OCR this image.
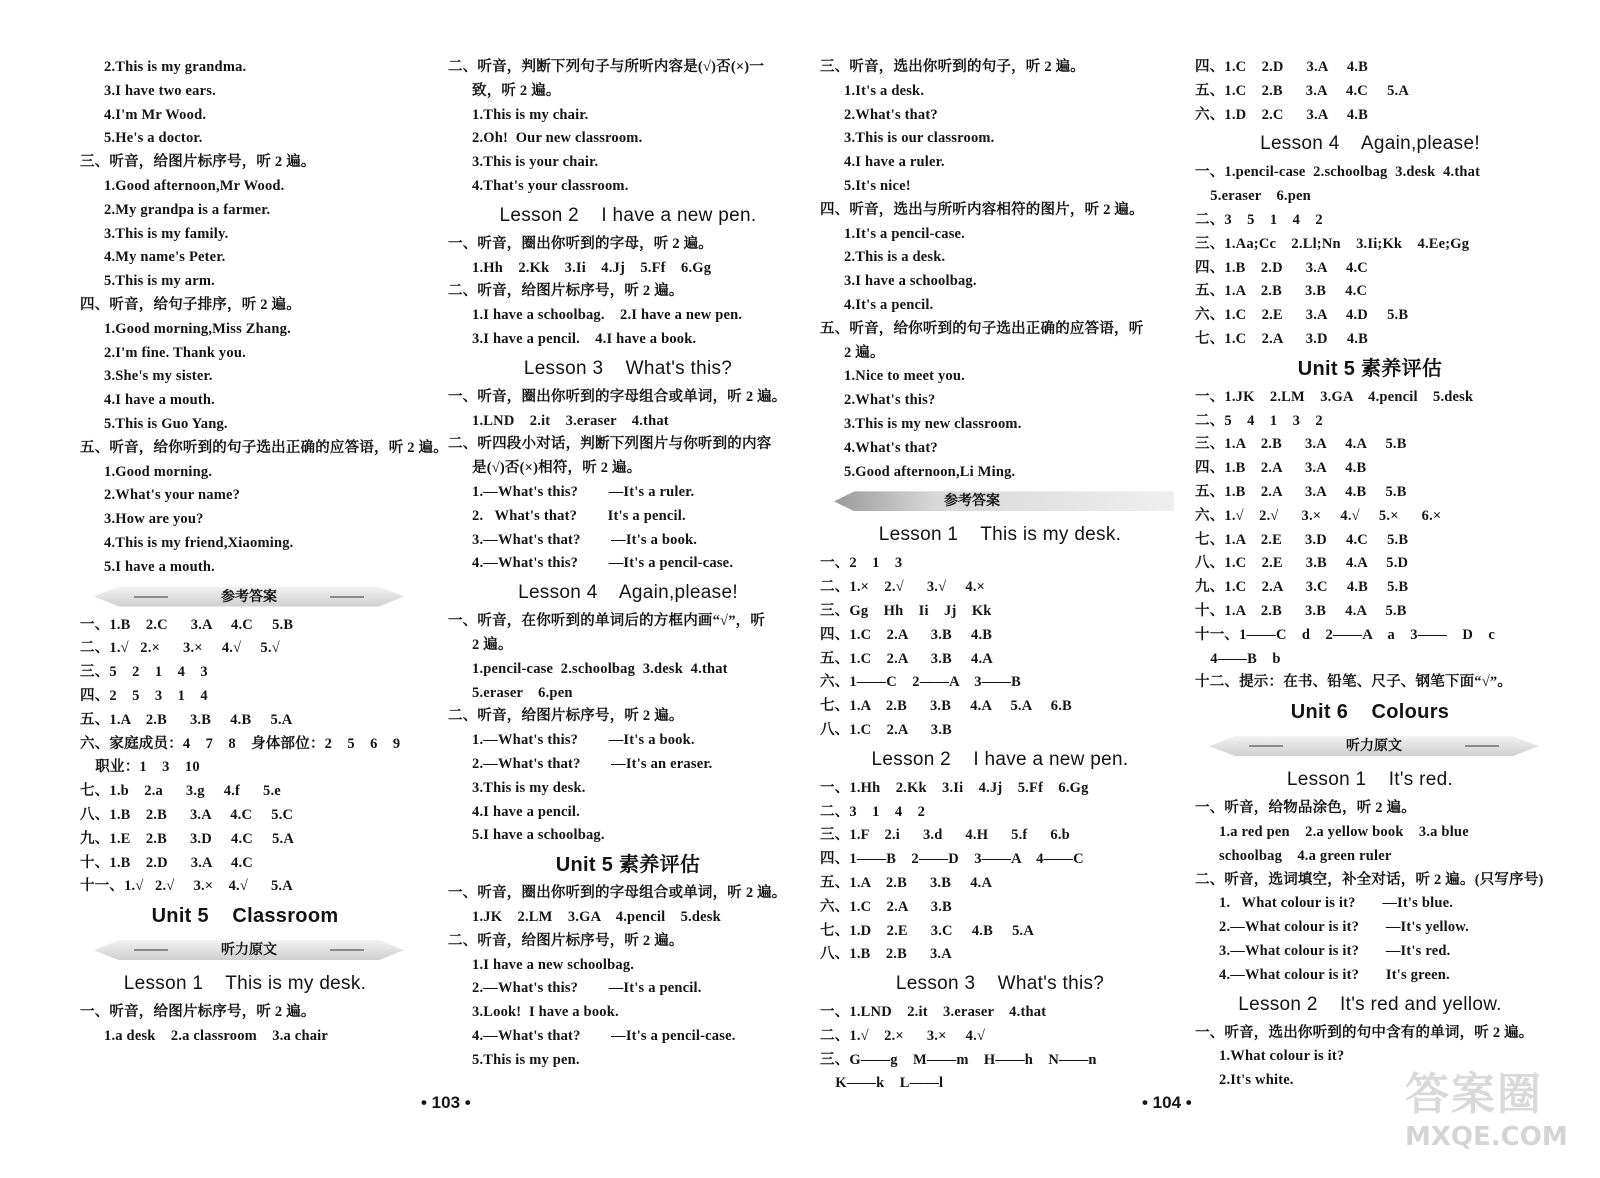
2.This is my grandma.
3.I have two ears.
4.I'm Mr Wood.
5.He's a doctor.
三、听音，给图片标序号，听 2 遍。
1.Good afternoon,Mr Wood.
2.My grandpa is a farmer.
3.This is my family.
4.My name's Peter.
5.This is my arm.
四、听音，给句子排序，听 2 遍。
1.Good morning,Miss Zhang.
2.I'm fine. Thank you.
3.She's my sister.
4.I have a mouth.
5.This is Guo Yang.
五、听音，给你听到的句子选出正确的应答语，听 2 遍。
1.Good morning.
2.What's your name?
3.How are you?
4.This is my friend,Xiaoming.
5.I have a mouth.
参考答案
一、1.B    2.C      3.A     4.C     5.B
二、1.√   2.×      3.×     4.√     5.√
三、5    2    1    4    3
四、2    5    3    1    4
五、1.A    2.B      3.B     4.B     5.A
六、家庭成员：4    7    8    身体部位：2    5    6    9
职业：1    3    10
七、1.b    2.a      3.g     4.f      5.e
八、1.B    2.B      3.A     4.C     5.C
九、1.E    2.B      3.D     4.C     5.A
十、1.B    2.D      3.A     4.C
十一、1.√   2.√     3.×    4.√      5.A
Unit 5    Classroom
听力原文
Lesson 1    This is my desk.
一、听音，给图片标序号，听 2 遍。
1.a desk    2.a classroom    3.a chair
二、听音，判断下列句子与所听内容是(√)否(×)一
致，听 2 遍。
1.This is my chair.
2.Oh!  Our new classroom.
3.This is your chair.
4.That's your classroom.
Lesson 2    I have a new pen.
一、听音，圈出你听到的字母，听 2 遍。
1.Hh    2.Kk    3.Ii    4.Jj    5.Ff    6.Gg
二、听音，给图片标序号，听 2 遍。
1.I have a schoolbag.    2.I have a new pen.
3.I have a pencil.    4.I have a book.
Lesson 3    What's this?
一、听音，圈出你听到的字母组合或单词，听 2 遍。
1.LND    2.it    3.eraser    4.that
二、听四段小对话，判断下列图片与你听到的内容
是(√)否(×)相符，听 2 遍。
1.—What's this?        —It's a ruler.
2.   What's that?        It's a pencil.
3.—What's that?        —It's a book.
4.—What's this?        —It's a pencil-case.
Lesson 4    Again,please!
一、听音，在你听到的单词后的方框内画“√”，听
2 遍。
1.pencil-case  2.schoolbag  3.desk  4.that
5.eraser    6.pen
二、听音，给图片标序号，听 2 遍。
1.—What's this?        —It's a book.
2.—What's that?        —It's an eraser.
3.This is my desk.
4.I have a pencil.
5.I have a schoolbag.
Unit 5 素养评估
一、听音，圈出你听到的字母组合或单词，听 2 遍。
1.JK    2.LM    3.GA    4.pencil    5.desk
二、听音，给图片标序号，听 2 遍。
1.I have a new schoolbag.
2.—What's this?        —It's a pencil.
3.Look!  I have a book.
4.—What's that?        —It's a pencil-case.
5.This is my pen.
三、听音，选出你听到的句子，听 2 遍。
1.It's a desk.
2.What's that?
3.This is our classroom.
4.I have a ruler.
5.It's nice!
四、听音，选出与所听内容相符的图片，听 2 遍。
1.It's a pencil-case.
2.This is a desk.
3.I have a schoolbag.
4.It's a pencil.
五、听音，给你听到的句子选出正确的应答语，听
2 遍。
1.Nice to meet you.
2.What's this?
3.This is my new classroom.
4.What's that?
5.Good afternoon,Li Ming.
参考答案
Lesson 1    This is my desk.
一、2    1    3
二、1.×    2.√      3.√     4.×
三、Gg    Hh    Ii    Jj    Kk
四、1.C    2.A      3.B     4.B
五、1.C    2.A      3.B     4.A
六、1——C    2——A    3——B
七、1.A    2.B      3.B     4.A     5.A     6.B
八、1.C    2.A      3.B
Lesson 2    I have a new pen.
一、1.Hh    2.Kk    3.Ii    4.Jj    5.Ff    6.Gg
二、3    1    4    2
三、1.F    2.i      3.d      4.H      5.f      6.b
四、1——B    2——D    3——A    4——C
五、1.A    2.B      3.B     4.A
六、1.C    2.A      3.B
七、1.D    2.E      3.C     4.B     5.A
八、1.B    2.B      3.A
Lesson 3    What's this?
一、1.LND    2.it    3.eraser    4.that
二、1.√    2.×      3.×     4.√
三、G——g    M——m    H——h    N——n
K——k    L——l
四、1.C    2.D      3.A     4.B
五、1.C    2.B      3.A     4.C     5.A
六、1.D    2.C      3.A     4.B
Lesson 4    Again,please!
一、1.pencil-case  2.schoolbag  3.desk  4.that
5.eraser    6.pen
二、3    5    1    4    2
三、1.Aa;Cc    2.Ll;Nn    3.Ii;Kk    4.Ee;Gg
四、1.B    2.D      3.A     4.C
五、1.A    2.B      3.B     4.C
六、1.C    2.E      3.A     4.D     5.B
七、1.C    2.A      3.D     4.B
Unit 5 素养评估
一、1.JK    2.LM    3.GA    4.pencil    5.desk
二、5    4    1    3    2
三、1.A    2.B      3.A     4.A     5.B
四、1.B    2.A      3.A     4.B
五、1.B    2.A      3.A     4.B     5.B
六、1.√    2.√      3.×     4.√     5.×      6.×
七、1.A    2.E      3.D     4.C     5.B
八、1.C    2.E      3.B     4.A     5.D
九、1.C    2.A      3.C     4.B     5.B
十、1.A    2.B      3.B     4.A     5.B
十一、1——C    d    2——A    a    3——    D    c
4——B    b
十二、提示：在书、铅笔、尺子、钢笔下面“√”。
Unit 6    Colours
听力原文
Lesson 1    It's red.
一、听音，给物品涂色，听 2 遍。
1.a red pen    2.a yellow book    3.a blue
schoolbag    4.a green ruler
二、听音，选词填空，补全对话，听 2 遍。(只写序号)
1.   What colour is it?       —It's blue.
2.—What colour is it?       —It's yellow.
3.—What colour is it?       —It's red.
4.—What colour is it?       It's green.
Lesson 2    It's red and yellow.
一、听音，选出你听到的句中含有的单词，听 2 遍。
1.What colour is it?
2.It's white.
• 103 •	• 104 •	答案圈
MXQE.COM
